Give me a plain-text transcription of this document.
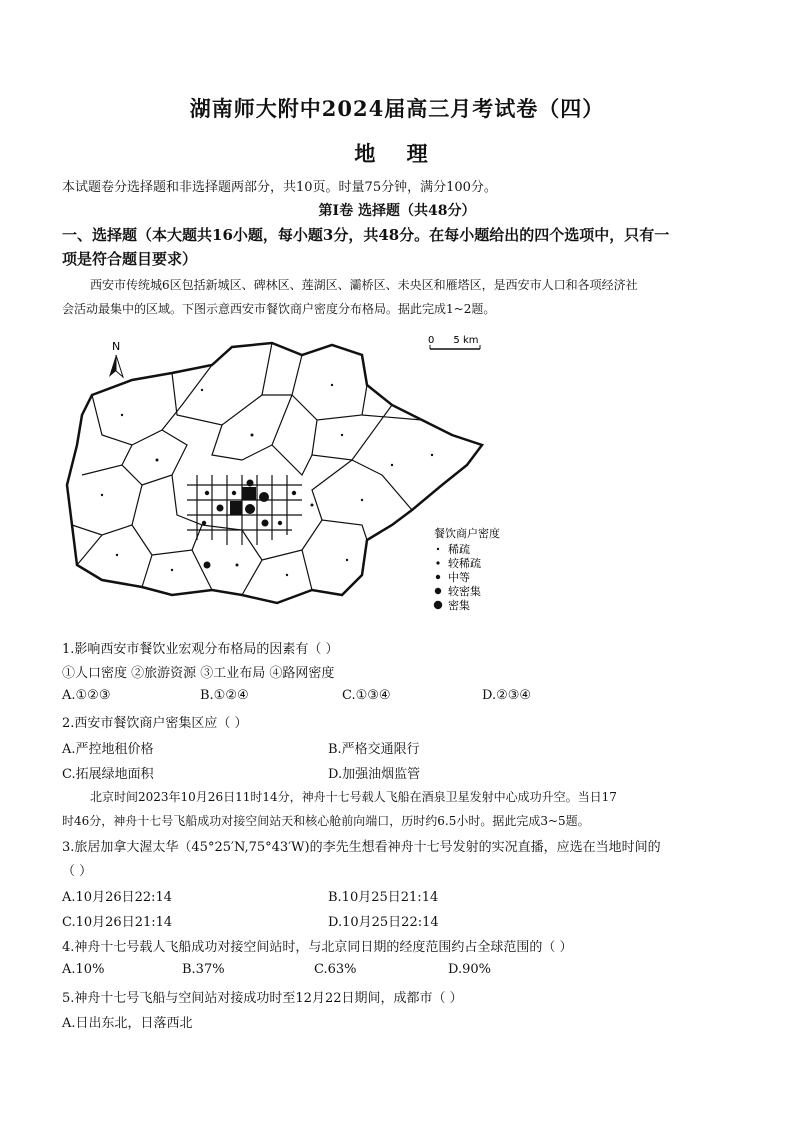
湖南师大附中2024届高三月考试卷（四）
地 理
本试题卷分选择题和非选择题两部分，共10页。时量75分钟，满分100分。
第Ⅰ卷 选择题（共48分）
一、选择题（本大题共16小题，每小题3分，共48分。在每小题给出的四个选项中，只有一
项是符合题目要求）
西安市传统城6区包括新城区、碑林区、莲湖区、灞桥区、未央区和雁塔区，是西安市人口和各项经济社
会活动最集中的区域。下图示意西安市餐饮商户密度分布格局。据此完成1~2题。
N	0      5 km
餐饮商户密度
稀疏
较稀疏
中等
较密集
密集
1.影响西安市餐饮业宏观分布格局的因素有（ ）
①人口密度 ②旅游资源 ③工业布局 ④路网密度
A.①②③	B.①②④	C.①③④	D.②③④
2.西安市餐饮商户密集区应（ ）
A.严控地租价格	B.严格交通限行
C.拓展绿地面积	D.加强油烟监管
北京时间2023年10月26日11时14分，神舟十七号载人飞船在酒泉卫星发射中心成功升空。当日17
时46分，神舟十七号飞船成功对接空间站天和核心舱前向端口，历时约6.5小时。据此完成3~5题。
3.旅居加拿大渥太华（45°25′N,75°43′W)的李先生想看神舟十七号发射的实况直播，应选在当地时间的
（ ）
A.10月26日22:14	B.10月25日21:14
C.10月26日21:14	D.10月25日22:14
4.神舟十七号载人飞船成功对接空间站时，与北京同日期的经度范围约占全球范围的（ ）
A.10%	B.37%	C.63%	D.90%
5.神舟十七号飞船与空间站对接成功时至12月22日期间，成都市（ ）
A.日出东北，日落西北
